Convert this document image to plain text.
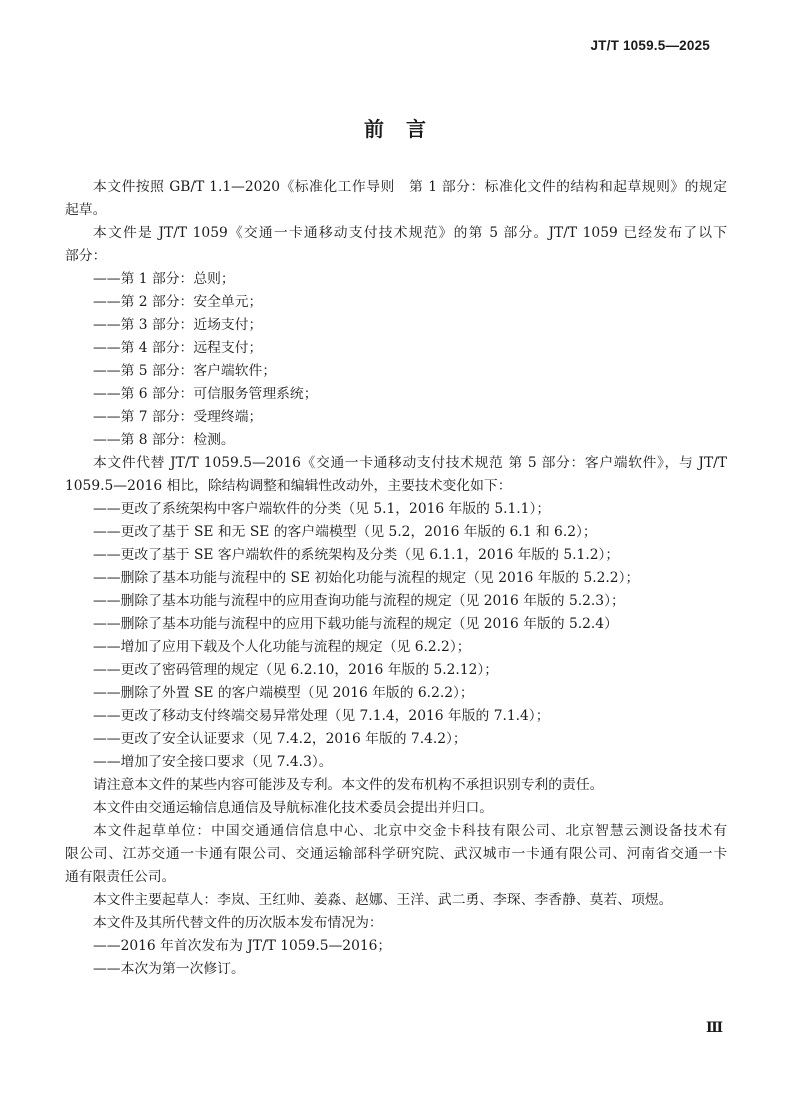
JT/T 1059.5—2025
前言
本文件按照 GB/T 1.1—2020《标准化工作导则　第 1 部分：标准化文件的结构和起草规则》的规定
起草。
本文件是 JT/T 1059《交通一卡通移动支付技术规范》的第 5 部分。JT/T 1059 已经发布了以下
部分：
——第 1 部分：总则；
——第 2 部分：安全单元；
——第 3 部分：近场支付；
——第 4 部分：远程支付；
——第 5 部分：客户端软件；
——第 6 部分：可信服务管理系统；
——第 7 部分：受理终端；
——第 8 部分：检测。
本文件代替 JT/T 1059.5—2016《交通一卡通移动支付技术规范 第 5 部分：客户端软件》，与 JT/T
1059.5—2016 相比，除结构调整和编辑性改动外，主要技术变化如下：
——更改了系统架构中客户端软件的分类（见 5.1，2016 年版的 5.1.1）；
——更改了基于 SE 和无 SE 的客户端模型（见 5.2，2016 年版的 6.1 和 6.2）；
——更改了基于 SE 客户端软件的系统架构及分类（见 6.1.1，2016 年版的 5.1.2）；
——删除了基本功能与流程中的 SE 初始化功能与流程的规定（见 2016 年版的 5.2.2）；
——删除了基本功能与流程中的应用查询功能与流程的规定（见 2016 年版的 5.2.3）；
——删除了基本功能与流程中的应用下载功能与流程的规定（见 2016 年版的 5.2.4）
——增加了应用下载及个人化功能与流程的规定（见 6.2.2）；
——更改了密码管理的规定（见 6.2.10，2016 年版的 5.2.12）；
——删除了外置 SE 的客户端模型（见 2016 年版的 6.2.2）；
——更改了移动支付终端交易异常处理（见 7.1.4，2016 年版的 7.1.4）；
——更改了安全认证要求（见 7.4.2，2016 年版的 7.4.2）；
——增加了安全接口要求（见 7.4.3）。
请注意本文件的某些内容可能涉及专利。本文件的发布机构不承担识别专利的责任。
本文件由交通运输信息通信及导航标准化技术委员会提出并归口。
本文件起草单位：中国交通通信信息中心、北京中交金卡科技有限公司、北京智慧云测设备技术有
限公司、江苏交通一卡通有限公司、交通运输部科学研究院、武汉城市一卡通有限公司、河南省交通一卡
通有限责任公司。
本文件主要起草人：李岚、王红帅、姜淼、赵娜、王洋、武二勇、李琛、李香静、莫若、项煜。
本文件及其所代替文件的历次版本发布情况为：
——2016 年首次发布为 JT/T 1059.5—2016；
——本次为第一次修订。
Ⅲ
